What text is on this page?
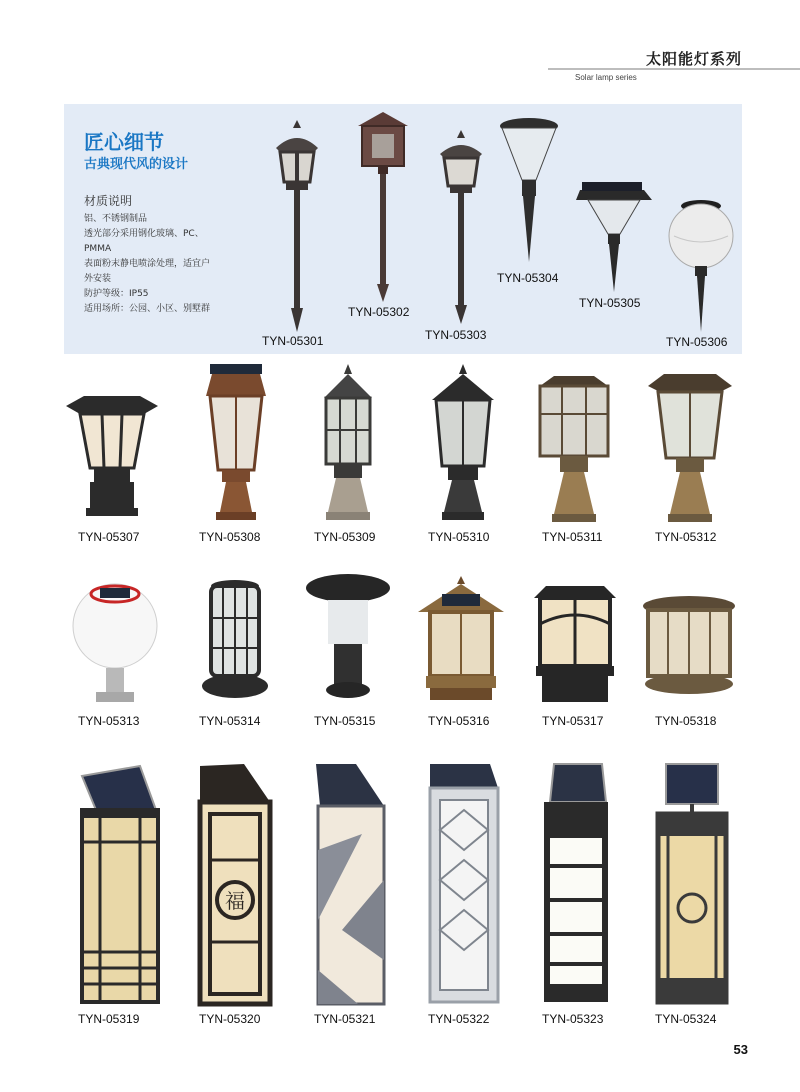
太阳能灯系列
Solar lamp series
匠心细节
古典现代风的设计
材质说明
铝、不锈钢制品
透光部分采用钢化玻璃、PC、
PMMA
表面粉末静电喷涂处理，适宜户
外安装
防护等级：IP55
适用场所：公园、小区、别墅群
TYN-05301
TYN-05302
TYN-05303
TYN-05304
TYN-05305
TYN-05306
TYN-05307	TYN-05308	TYN-05309	TYN-05310	TYN-05311	TYN-05312
TYN-05313	TYN-05314	TYN-05315	TYN-05316	TYN-05317	TYN-05318
福
TYN-05319	TYN-05320	TYN-05321	TYN-05322	TYN-05323	TYN-05324
53
